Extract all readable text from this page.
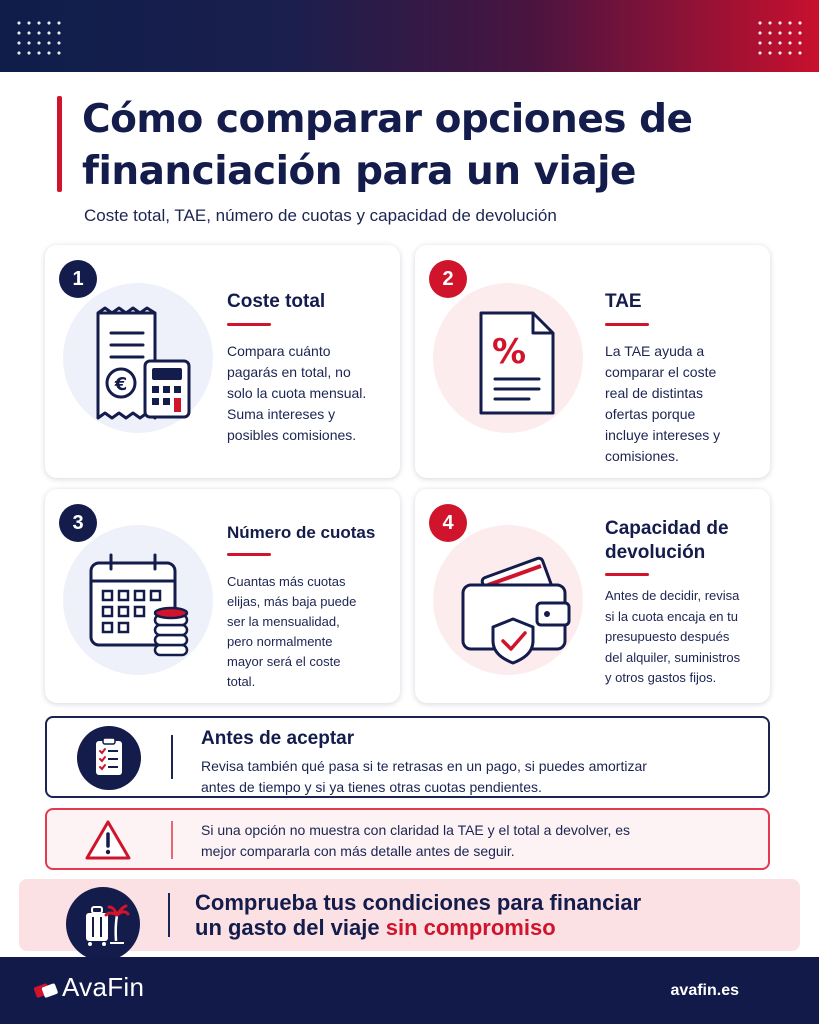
Cómo comparar opciones de
financiación para un viaje
Coste total, TAE, número de cuotas y capacidad de devolución
€
1
Coste total
Compara cuánto
pagarás en total, no
solo la cuota mensual.
Suma intereses y
posibles comisiones.
%
2
TAE
La TAE ayuda a
comparar el coste
real de distintas
ofertas porque
incluye intereses y
comisiones.
3	Número de cuotas
Cuantas más cuotas
elijas, más baja puede
ser la mensualidad,
pero normalmente
mayor será el coste
total.
4	Capacidad de
devolución
Antes de decidir, revisa
si la cuota encaja en tu
presupuesto después
del alquiler, suministros
y otros gastos fijos.
Antes de aceptar
Revisa también qué pasa si te retrasas en un pago, si puedes amortizar
antes de tiempo y si ya tienes otras cuotas pendientes.
Si una opción no muestra con claridad la TAE y el total a devolver, es
mejor compararla con más detalle antes de seguir.
Comprueba tus condiciones para financiar
un gasto del viaje sin compromiso
AvaFin	avafin.es
